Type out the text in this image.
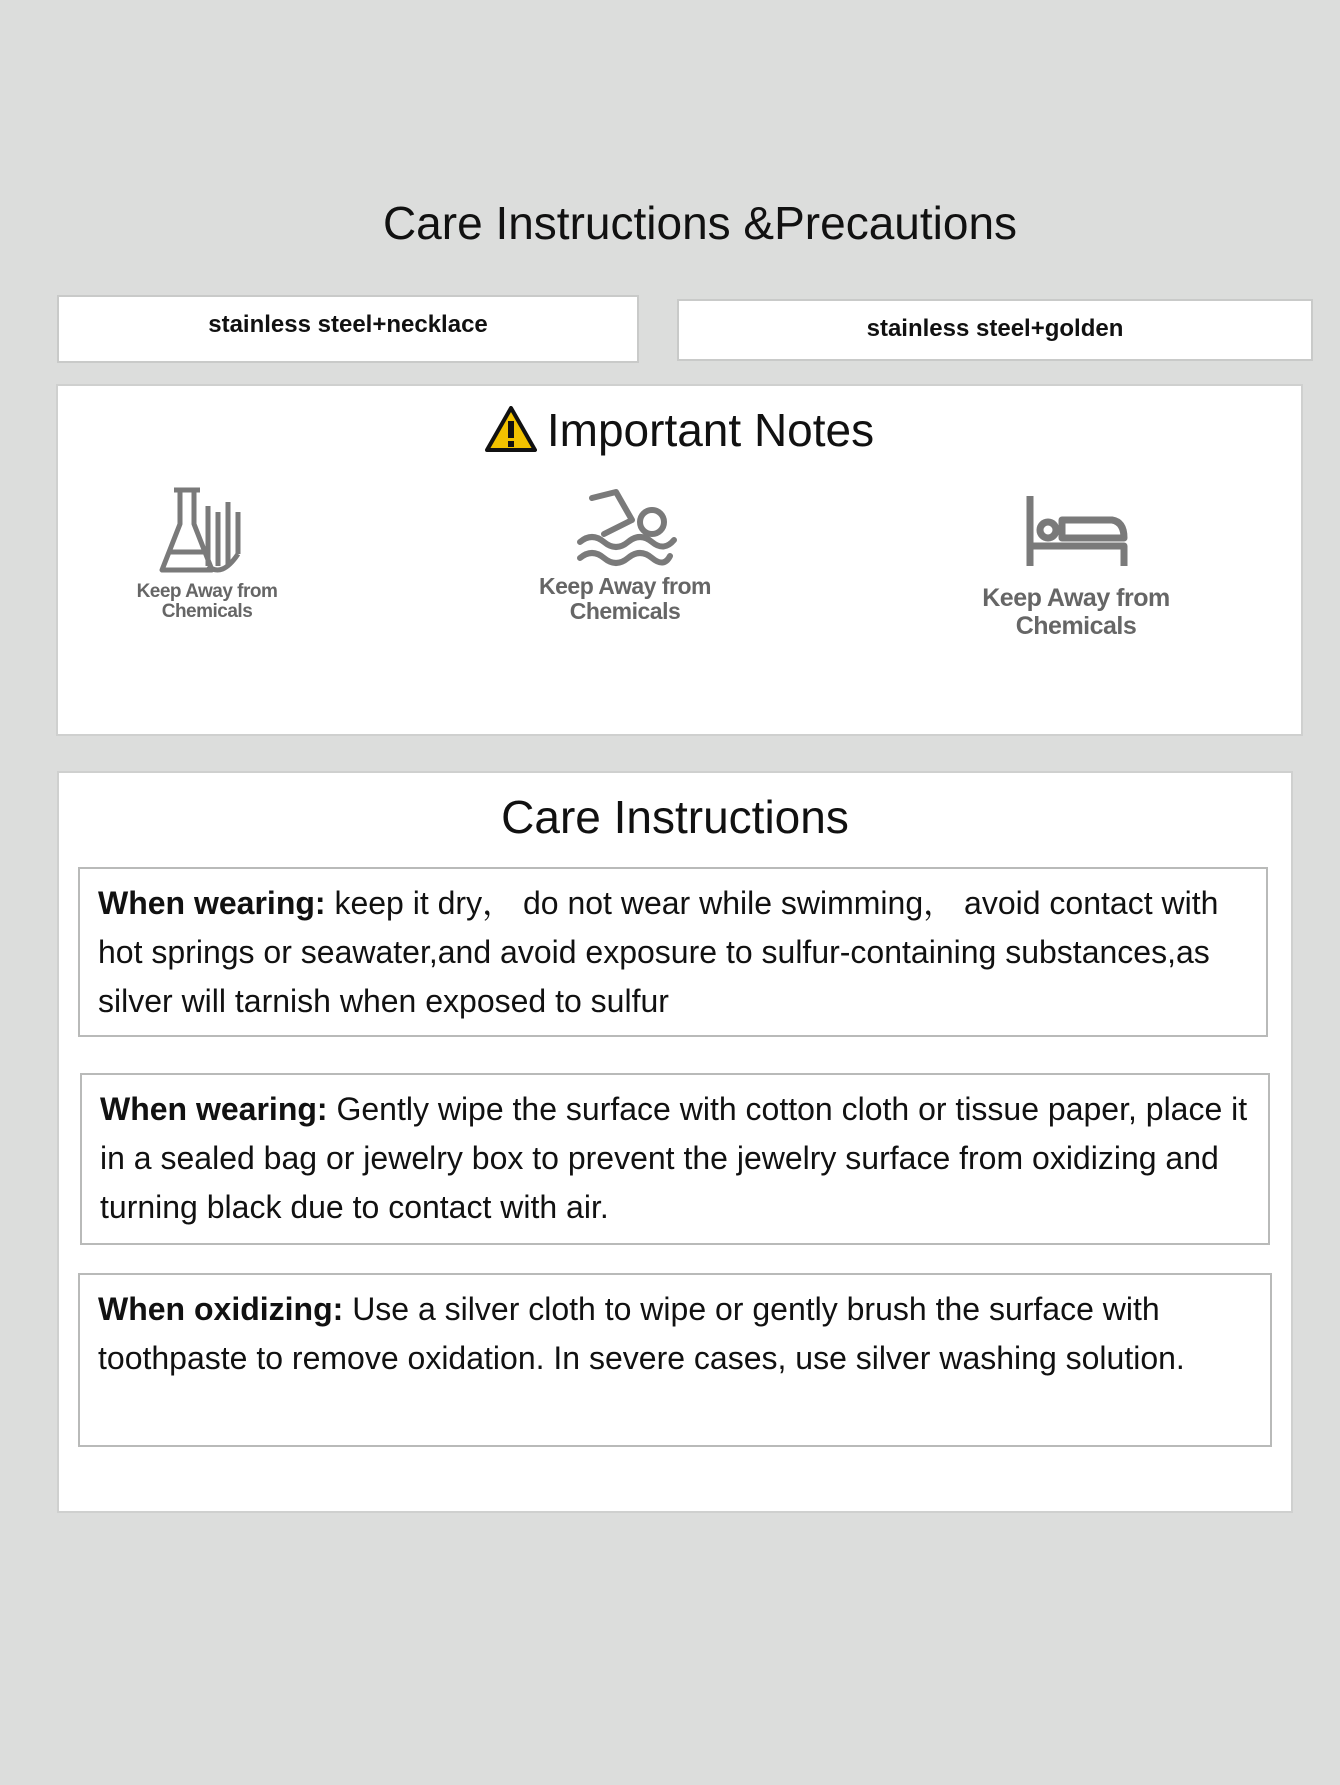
Care Instructions &Precautions
stainless steel+necklace	stainless steel+golden
Important Notes
Keep Away from
Chemicals
Keep Away from
Chemicals	Keep Away from
Chemicals
Care Instructions
When wearing: keep it dry， do not wear while swimming， avoid contact with hot springs or seawater,and avoid exposure to sulfur-containing substances,as silver will tarnish when exposed to sulfur
When wearing: Gently wipe the surface with cotton cloth or tissue paper, place it in a sealed bag or jewelry box to prevent the jewelry surface from oxidizing and turning black due to contact with air.
When oxidizing: Use a silver cloth to wipe or gently brush the surface with toothpaste to remove oxidation. In severe cases, use silver washing solution.
